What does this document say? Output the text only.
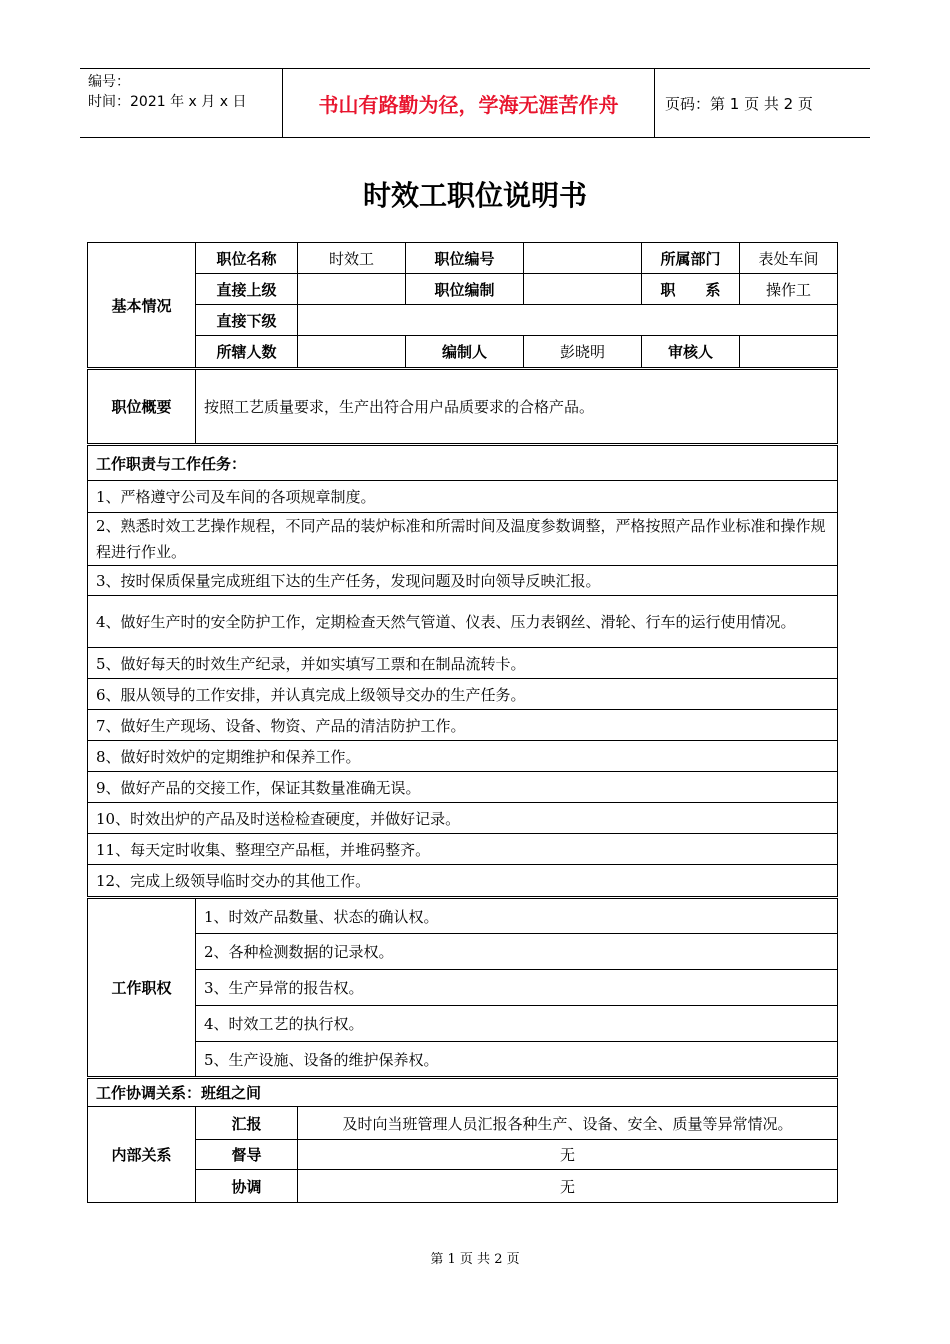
编号：
时间：2021 年 x 月 x 日	书山有路勤为径，学海无涯苦作舟	页码：第 1 页 共 2 页
时效工职位说明书
基本情况	职位名称	时效工	职位编号		所属部门	表处车间
	直接上级		职位编制		职　　系	操作工
	直接下级					
	所辖人数		编制人	彭晓明	审核人	
职位概要	按照工艺质量要求，生产出符合用户品质要求的合格产品。					
工作职责与工作任务：						
1、严格遵守公司及车间的各项规章制度。						
2、熟悉时效工艺操作规程，不同产品的装炉标准和所需时间及温度参数调整，严格按照产品作业标准和操作规程进行作业。						
3、按时保质保量完成班组下达的生产任务，发现问题及时向领导反映汇报。						
4、做好生产时的安全防护工作，定期检查天然气管道、仪表、压力表钢丝、滑轮、行车的运行使用情况。						
5、做好每天的时效生产纪录，并如实填写工票和在制品流转卡。						
6、服从领导的工作安排，并认真完成上级领导交办的生产任务。						
7、做好生产现场、设备、物资、产品的清洁防护工作。						
8、做好时效炉的定期维护和保养工作。						
9、做好产品的交接工作，保证其数量准确无误。						
10、时效出炉的产品及时送检检查硬度，并做好记录。						
11、每天定时收集、整理空产品框，并堆码整齐。						
12、完成上级领导临时交办的其他工作。						
工作职权	1、时效产品数量、状态的确认权。					
	2、各种检测数据的记录权。					
	3、生产异常的报告权。					
	4、时效工艺的执行权。					
	5、生产设施、设备的维护保养权。					
工作协调关系：班组之间						
内部关系	汇报	及时向当班管理人员汇报各种生产、设备、安全、质量等异常情况。				
	督导	无				
	协调	无				
第 1 页 共 2 页
